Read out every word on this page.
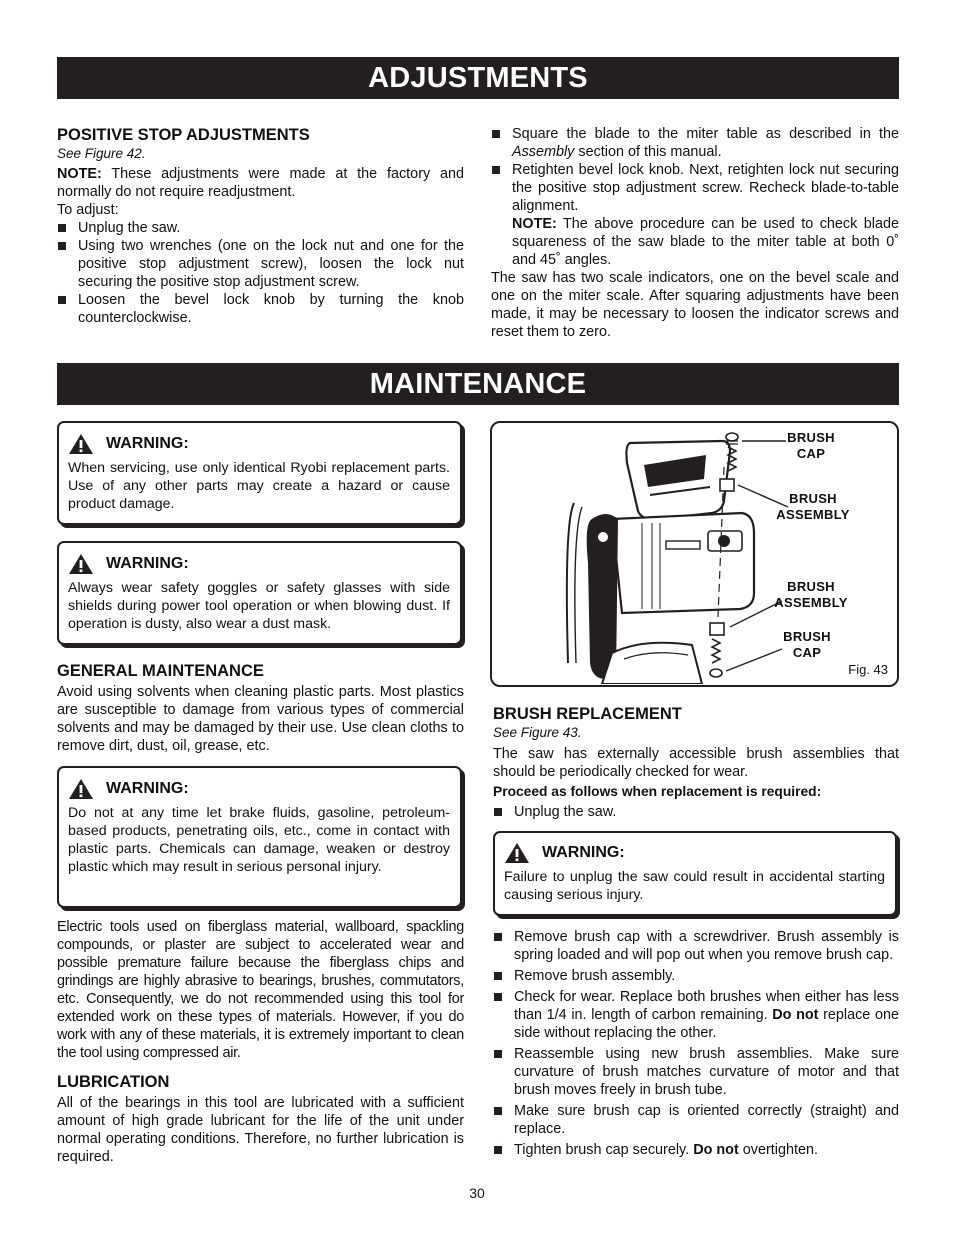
ADJUSTMENTS
POSITIVE STOP ADJUSTMENTS
See Figure 42.

NOTE: These adjustments were made at the factory and normally do not require readjustment.

To adjust:
Unplug the saw.
Using two wrenches (one on the lock nut and one for the positive stop adjustment screw), loosen the lock nut securing the positive stop adjustment screw.
Loosen the bevel lock knob by turning the knob counterclockwise.
Square the blade to the miter table as described in the Assembly section of this manual.
Retighten bevel lock knob. Next, retighten lock nut securing the positive stop adjustment screw. Recheck blade-to-table alignment.
NOTE: The above procedure can be used to check blade squareness of the saw blade to the miter table at both 0˚ and 45˚ angles.

The saw has two scale indicators, one on the bevel scale and one on the miter scale. After squaring adjustments have been made, it may be necessary to loosen the indicator screws and reset them to zero.

MAINTENANCE
WARNING:

When servicing, use only identical Ryobi replacement parts. Use of any other parts may create a hazard or cause product damage.

WARNING:

Always wear safety goggles or safety glasses with side shields during power tool operation or when blowing dust. If operation is dusty, also wear a dust mask.

GENERAL MAINTENANCE

Avoid using solvents when cleaning plastic parts. Most plastics are susceptible to damage from various types of commercial solvents and may be damaged by their use. Use clean cloths to remove dirt, dust, oil, grease, etc.

WARNING:

Do not at any time let brake fluids, gasoline, petroleum-based products, penetrating oils, etc., come in contact with plastic parts. Chemicals can damage, weaken or destroy plastic which may result in serious personal injury.

Electric tools used on fiberglass material, wallboard, spackling compounds, or plaster are subject to accelerated wear and possible premature failure because the fiberglass chips and grindings are highly abrasive to bearings, brushes, commutators, etc. Consequently, we do not recommended using this tool for extended work on these types of materials. However, if you do work with any of these materials, it is extremely important to clean the tool using compressed air.

LUBRICATION

All of the bearings in this tool are lubricated with a sufficient amount of high grade lubricant for the life of the unit under normal operating conditions. Therefore, no further lubrication is required.

BRUSH CAP
BRUSH ASSEMBLY
BRUSH ASSEMBLY
BRUSH CAP
Fig. 43
BRUSH REPLACEMENT
See Figure 43.

The saw has externally accessible brush assemblies that should be periodically checked for wear.

Proceed as follows when replacement is required:
Unplug the saw.
WARNING:

Failure to unplug the saw could result in accidental starting causing serious injury.

Remove brush cap with a screwdriver. Brush assembly is spring loaded and will pop out when you remove brush cap.
Remove brush assembly.
Check for wear. Replace both brushes when either has less than 1/4 in. length of carbon remaining. Do not replace one side without replacing the other.
Reassemble using new brush assemblies. Make sure curvature of brush matches curvature of motor and that brush moves freely in brush tube.
Make sure brush cap is oriented correctly (straight) and replace.
Tighten brush cap securely. Do not overtighten.
30
